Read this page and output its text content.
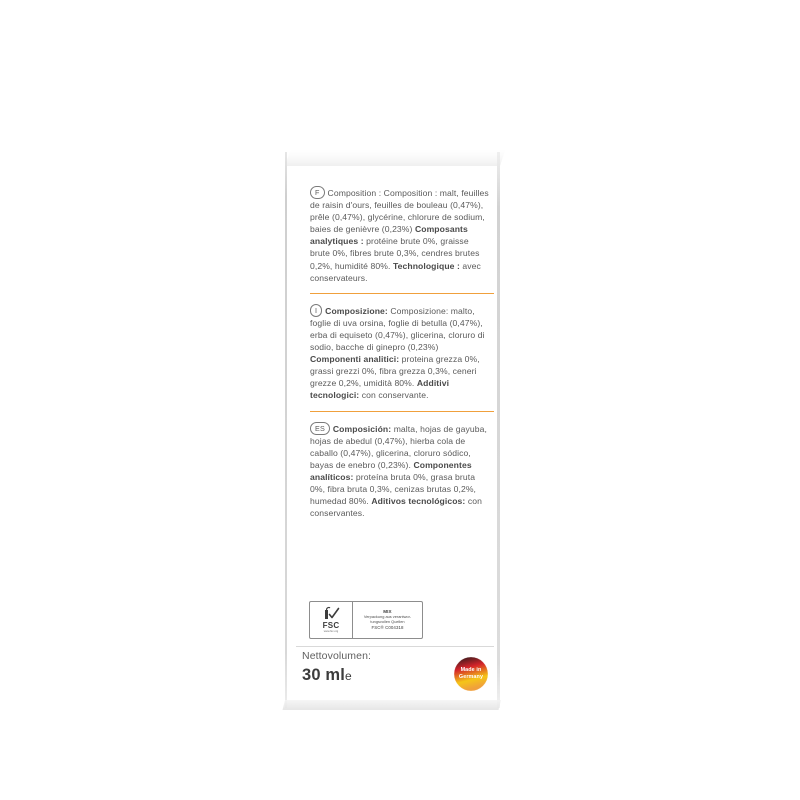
F Composition : Composition : malt, feuilles de raisin d'ours, feuilles de bouleau (0,47%), prêle (0,47%), glycérine, chlorure de sodium, baies de genièvre (0,23%) Composants analytiques : protéine brute 0%, graisse brute 0%, fibres brute 0,3%, cendres brutes 0,2%, humidité 80%. Technologique : avec conservateurs.

I Composizione: Composizione: malto, foglie di uva orsina, foglie di betulla (0,47%), erba di equiseto (0,47%), glicerina, cloruro di sodio, bacche di ginepro (0,23%) Componenti analitici: proteina grezza 0%, grassi grezzi 0%, fibra grezza 0,3%, ceneri grezze 0,2%, umidità 80%. Additivi tecnologici: con conservante.

ES Composición: malta, hojas de gayuba, hojas de abedul (0,47%), hierba cola de caballo (0,47%), glicerina, cloruro sódico, bayas de enebro (0,23%). Componentes analíticos: proteína bruta 0%, grasa bruta 0%, fibra bruta 0,3%, cenizas brutas 0,2%, humedad 80%. Aditivos tecnológicos: con conservantes.

FSC
www.fsc.org
MIX
Verpackung aus verantwor- tungsvollen Quellen
FSC® C004318
Nettovolumen:
30 mle	Made in
Germany
